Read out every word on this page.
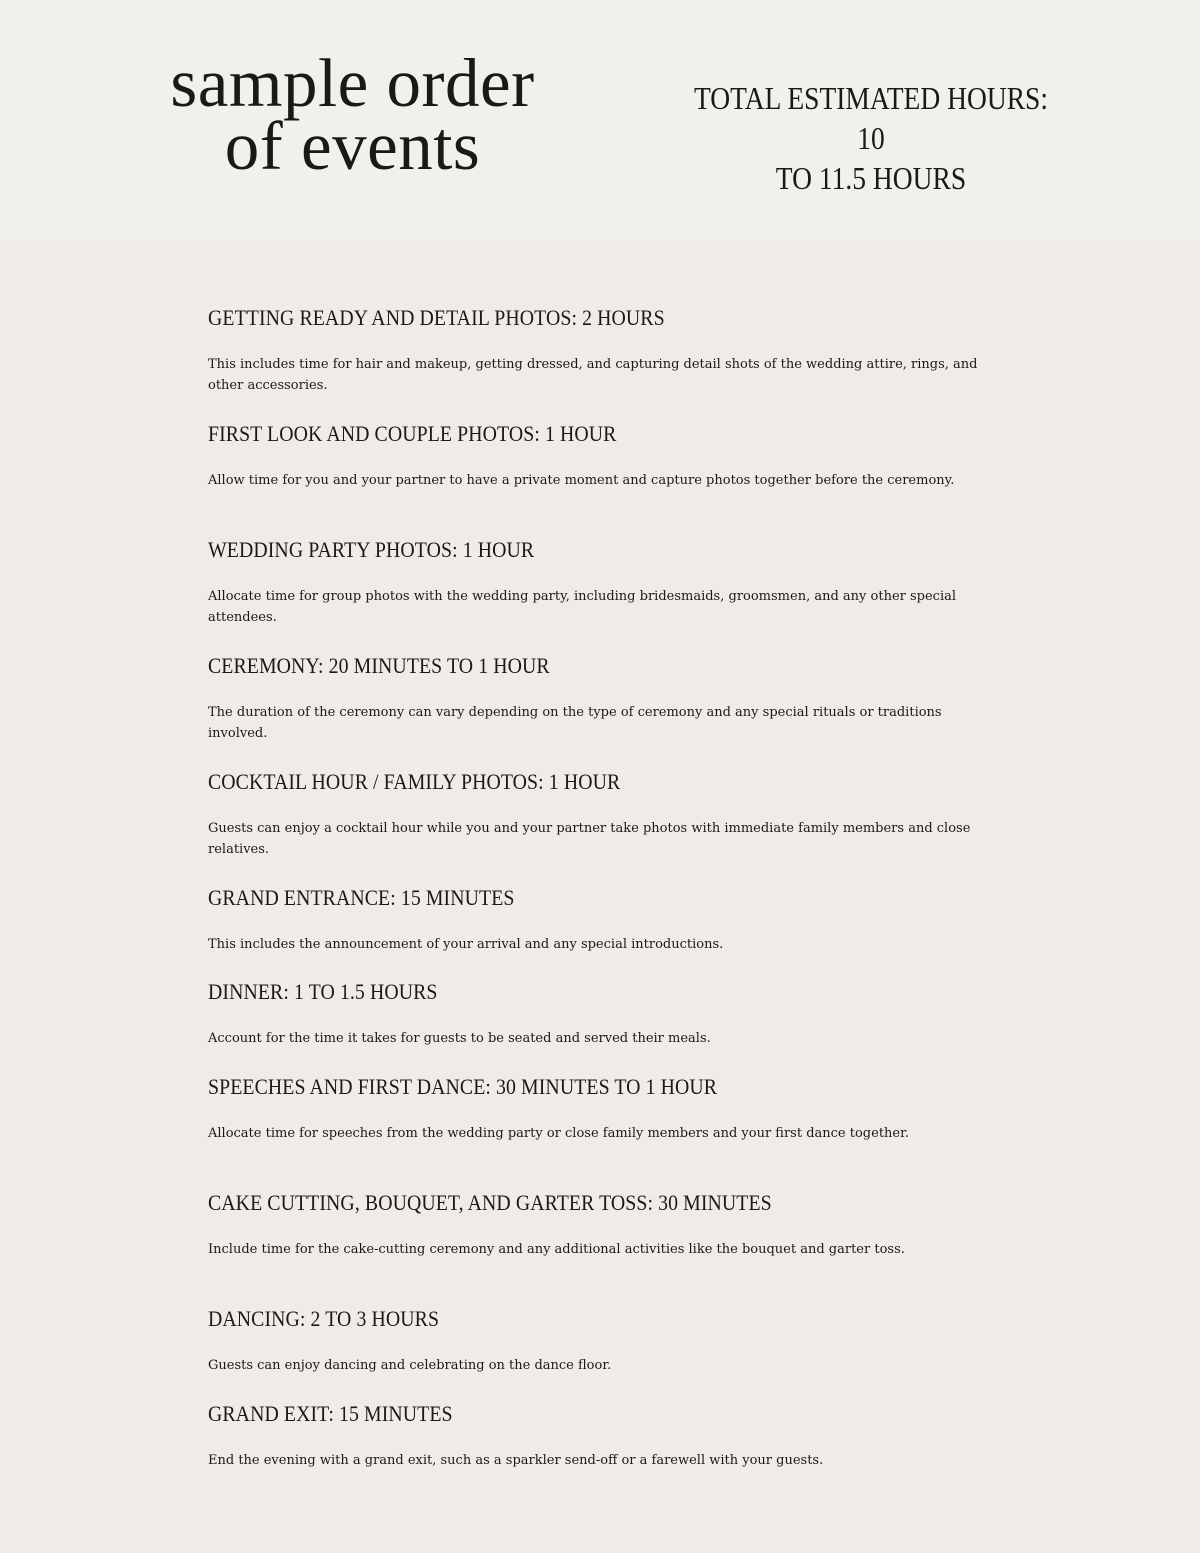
sample order
of events
TOTAL ESTIMATED HOURS: 10
TO 11.5 HOURS
GETTING READY AND DETAIL PHOTOS: 2 HOURS

This includes time for hair and makeup, getting dressed, and capturing detail shots of the wedding attire, rings, and other accessories.

FIRST LOOK AND COUPLE PHOTOS: 1 HOUR

Allow time for you and your partner to have a private moment and capture photos together before the ceremony.

WEDDING PARTY PHOTOS: 1 HOUR

Allocate time for group photos with the wedding party, including bridesmaids, groomsmen, and any other special attendees.

CEREMONY: 20 MINUTES TO 1 HOUR

The duration of the ceremony can vary depending on the type of ceremony and any special rituals or traditions involved.

COCKTAIL HOUR / FAMILY PHOTOS: 1 HOUR

Guests can enjoy a cocktail hour while you and your partner take photos with immediate family members and close relatives.

GRAND ENTRANCE: 15 MINUTES

This includes the announcement of your arrival and any special introductions.

DINNER: 1 TO 1.5 HOURS

Account for the time it takes for guests to be seated and served their meals.

SPEECHES AND FIRST DANCE: 30 MINUTES TO 1 HOUR

Allocate time for speeches from the wedding party or close family members and your first dance together.

CAKE CUTTING, BOUQUET, AND GARTER TOSS: 30 MINUTES

Include time for the cake-cutting ceremony and any additional activities like the bouquet and garter toss.

DANCING: 2 TO 3 HOURS

Guests can enjoy dancing and celebrating on the dance floor.

GRAND EXIT: 15 MINUTES

End the evening with a grand exit, such as a sparkler send-off or a farewell with your guests.
